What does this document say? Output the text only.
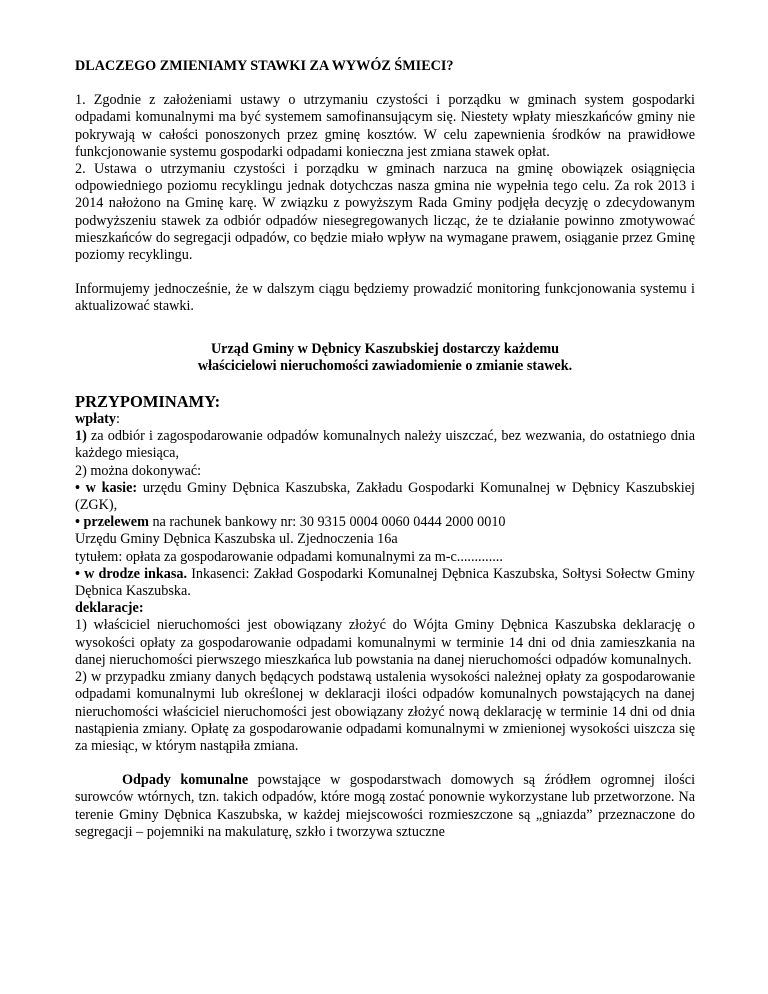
DLACZEGO ZMIENIAMY STAWKI ZA WYWÓZ ŚMIECI?

1. Zgodnie z założeniami ustawy o utrzymaniu czystości i porządku w gminach system gospodarki odpadami komunalnymi ma być systemem samofinansującym się. Niestety wpłaty mieszkańców gminy nie pokrywają w całości ponoszonych przez gminę kosztów. W celu zapewnienia środków na prawidłowe funkcjonowanie systemu gospodarki odpadami konieczna jest zmiana stawek opłat.

2. Ustawa o utrzymaniu czystości i porządku w gminach narzuca na gminę obowiązek osiągnięcia odpowiedniego poziomu recyklingu jednak dotychczas nasza gmina nie wypełnia tego celu. Za rok 2013 i 2014 nałożono na Gminę karę. W związku z powyższym Rada Gminy podjęła decyzję o zdecydowanym podwyższeniu stawek za odbiór odpadów niesegregowanych licząc, że te działanie powinno zmotywować mieszkańców do segregacji odpadów, co będzie miało wpływ na wymagane prawem, osiąganie przez Gminę poziomy recyklingu.

Informujemy jednocześnie, że w dalszym ciągu będziemy prowadzić monitoring funkcjonowania systemu i aktualizować stawki.

Urząd Gminy w Dębnicy Kaszubskiej dostarczy każdemu
właścicielowi nieruchomości zawiadomienie o zmianie stawek.

PRZYPOMINAMY:

wpłaty:

1) za odbiór i zagospodarowanie odpadów komunalnych należy uiszczać, bez wezwania, do ostatniego dnia każdego miesiąca,

2) można dokonywać:

• w kasie: urzędu Gminy Dębnica Kaszubska, Zakładu Gospodarki Komunalnej w Dębnicy Kaszubskiej (ZGK),

• przelewem na rachunek bankowy nr: 30 9315 0004 0060 0444 2000 0010

Urzędu Gminy Dębnica Kaszubska ul. Zjednoczenia 16a

tytułem: opłata za gospodarowanie odpadami komunalnymi za m-c.............

• w drodze inkasa. Inkasenci: Zakład Gospodarki Komunalnej Dębnica Kaszubska, Sołtysi Sołectw Gminy Dębnica Kaszubska.

deklaracje:

1) właściciel nieruchomości jest obowiązany złożyć do Wójta Gminy Dębnica Kaszubska deklarację o wysokości opłaty za gospodarowanie odpadami komunalnymi w terminie 14 dni od dnia zamieszkania na danej nieruchomości pierwszego mieszkańca lub powstania na danej nieruchomości odpadów komunalnych.

2) w przypadku zmiany danych będących podstawą ustalenia wysokości należnej opłaty za gospodarowanie odpadami komunalnymi lub określonej w deklaracji ilości odpadów komunalnych powstających na danej nieruchomości właściciel nieruchomości jest obowiązany złożyć nową deklarację w terminie 14 dni od dnia nastąpienia zmiany. Opłatę za gospodarowanie odpadami komunalnymi w zmienionej wysokości uiszcza się za miesiąc, w którym nastąpiła zmiana.

Odpady komunalne powstające w gospodarstwach domowych są źródłem ogromnej ilości surowców wtórnych, tzn. takich odpadów, które mogą zostać ponownie wykorzystane lub przetworzone. Na terenie Gminy Dębnica Kaszubska, w każdej miejscowości rozmieszczone są „gniazda” przeznaczone do segregacji – pojemniki na makulaturę, szkło i tworzywa sztuczne
